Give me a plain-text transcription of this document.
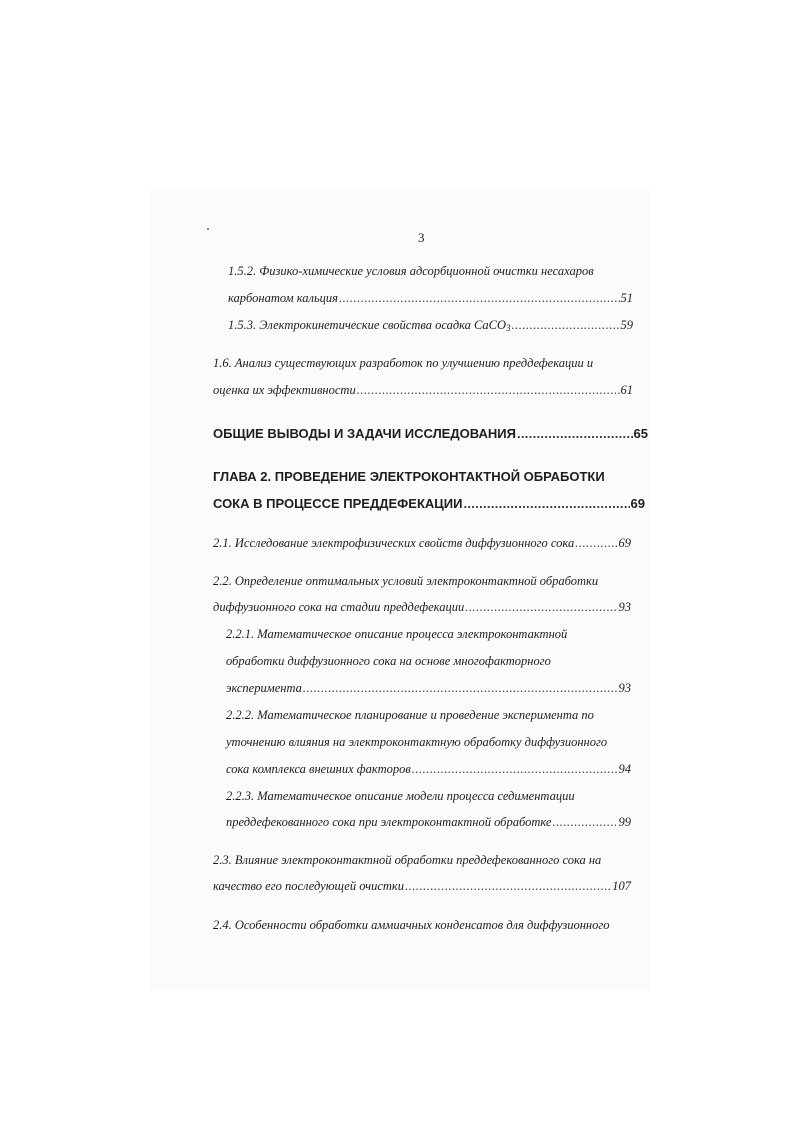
3
1.5.2. Физико-химические условия адсорбционной очистки несахаров
карбонатом кальция .....	51
1.5.3. Электрокинетические свойства осадка CaCO$_3$ .....	59
1.6. Анализ существующих разработок по улучшению преддефекации и
оценка их эффективности .....	61
ОБЩИЕ ВЫВОДЫ И ЗАДАЧИ ИССЛЕДОВАНИЯ .....	65
ГЛАВА 2. ПРОВЕДЕНИЕ ЭЛЕКТРОКОНТАКТНОЙ ОБРАБОТКИ
СОКА В ПРОЦЕССЕ ПРЕДДЕФЕКАЦИИ .....	69
2.1. Исследование электрофизических свойств диффузионного сока .....	69
2.2. Определение оптимальных условий электроконтактной обработки
диффузионного сока на стадии преддефекации .....	93
2.2.1. Математическое описание процесса электроконтактной
обработки диффузионного сока на основе многофакторного
эксперимента .....	93
2.2.2. Математическое планирование и проведение эксперимента по
уточнению влияния на электроконтактную обработку диффузионного
сока комплекса внешних факторов .....	94
2.2.3. Математическое описание модели процесса седиментации
преддефекованного сока при электроконтактной обработке .....	99
2.3. Влияние электроконтактной обработки преддефекованного сока на
качество его последующей очистки .....	107
2.4. Особенности обработки аммиачных конденсатов для диффузионного
